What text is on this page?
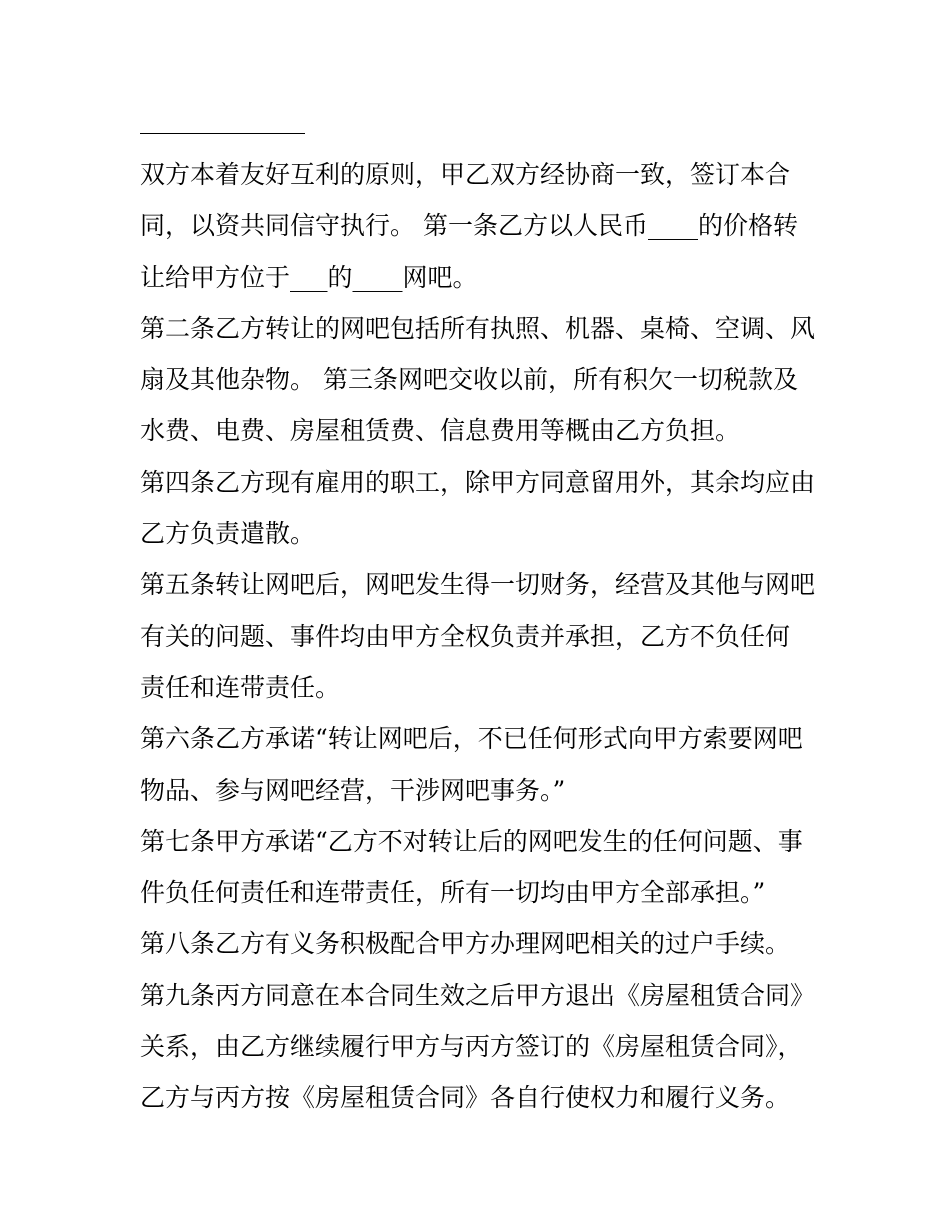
双方本着友好互利的原则，甲乙双方经协商一致，签订本合
同，以资共同信守执行。 第一条乙方以人民币____的价格转
让给甲方位于___的____网吧。
第二条乙方转让的网吧包括所有执照、机器、桌椅、空调、风
扇及其他杂物。 第三条网吧交收以前，所有积欠一切税款及
水费、电费、房屋租赁费、信息费用等概由乙方负担。
第四条乙方现有雇用的职工，除甲方同意留用外，其余均应由
乙方负责遣散。
第五条转让网吧后，网吧发生得一切财务，经营及其他与网吧
有关的问题、事件均由甲方全权负责并承担，乙方不负任何
责任和连带责任。
第六条乙方承诺“转让网吧后，不已任何形式向甲方索要网吧
物品、参与网吧经营，干涉网吧事务。”
第七条甲方承诺“乙方不对转让后的网吧发生的任何问题、事
件负任何责任和连带责任，所有一切均由甲方全部承担。”
第八条乙方有义务积极配合甲方办理网吧相关的过户手续。
第九条丙方同意在本合同生效之后甲方退出《房屋租赁合同》
关系，由乙方继续履行甲方与丙方签订的《房屋租赁合同》，
乙方与丙方按《房屋租赁合同》各自行使权力和履行义务。
